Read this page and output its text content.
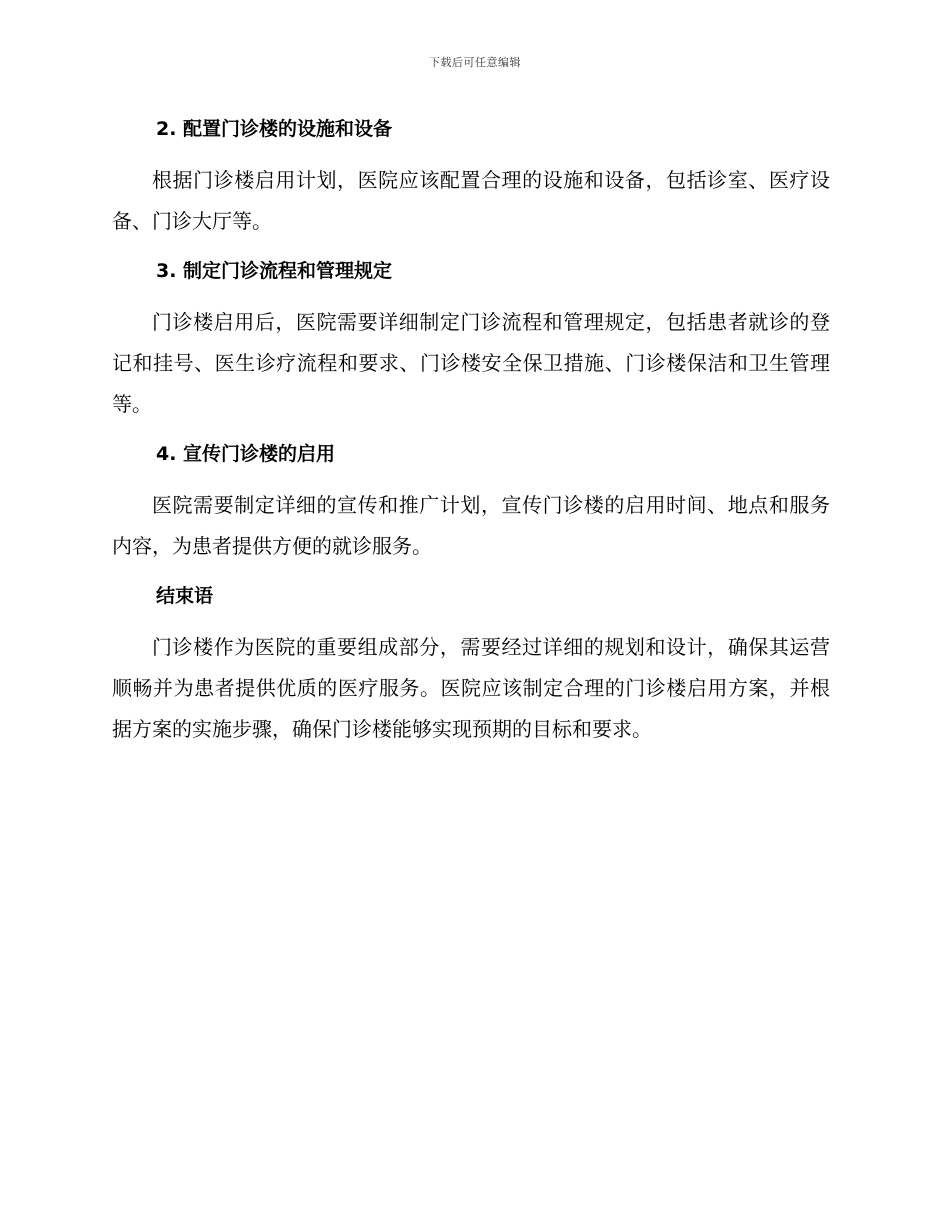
下载后可任意编辑
2. 配置门诊楼的设施和设备

根据门诊楼启用计划，医院应该配置合理的设施和设备，包括诊室、医疗设备、门诊大厅等。

3. 制定门诊流程和管理规定

门诊楼启用后，医院需要详细制定门诊流程和管理规定，包括患者就诊的登记和挂号、医生诊疗流程和要求、门诊楼安全保卫措施、门诊楼保洁和卫生管理等。

4. 宣传门诊楼的启用

医院需要制定详细的宣传和推广计划，宣传门诊楼的启用时间、地点和服务内容，为患者提供方便的就诊服务。

结束语

门诊楼作为医院的重要组成部分，需要经过详细的规划和设计，确保其运营顺畅并为患者提供优质的医疗服务。医院应该制定合理的门诊楼启用方案，并根据方案的实施步骤，确保门诊楼能够实现预期的目标和要求。
